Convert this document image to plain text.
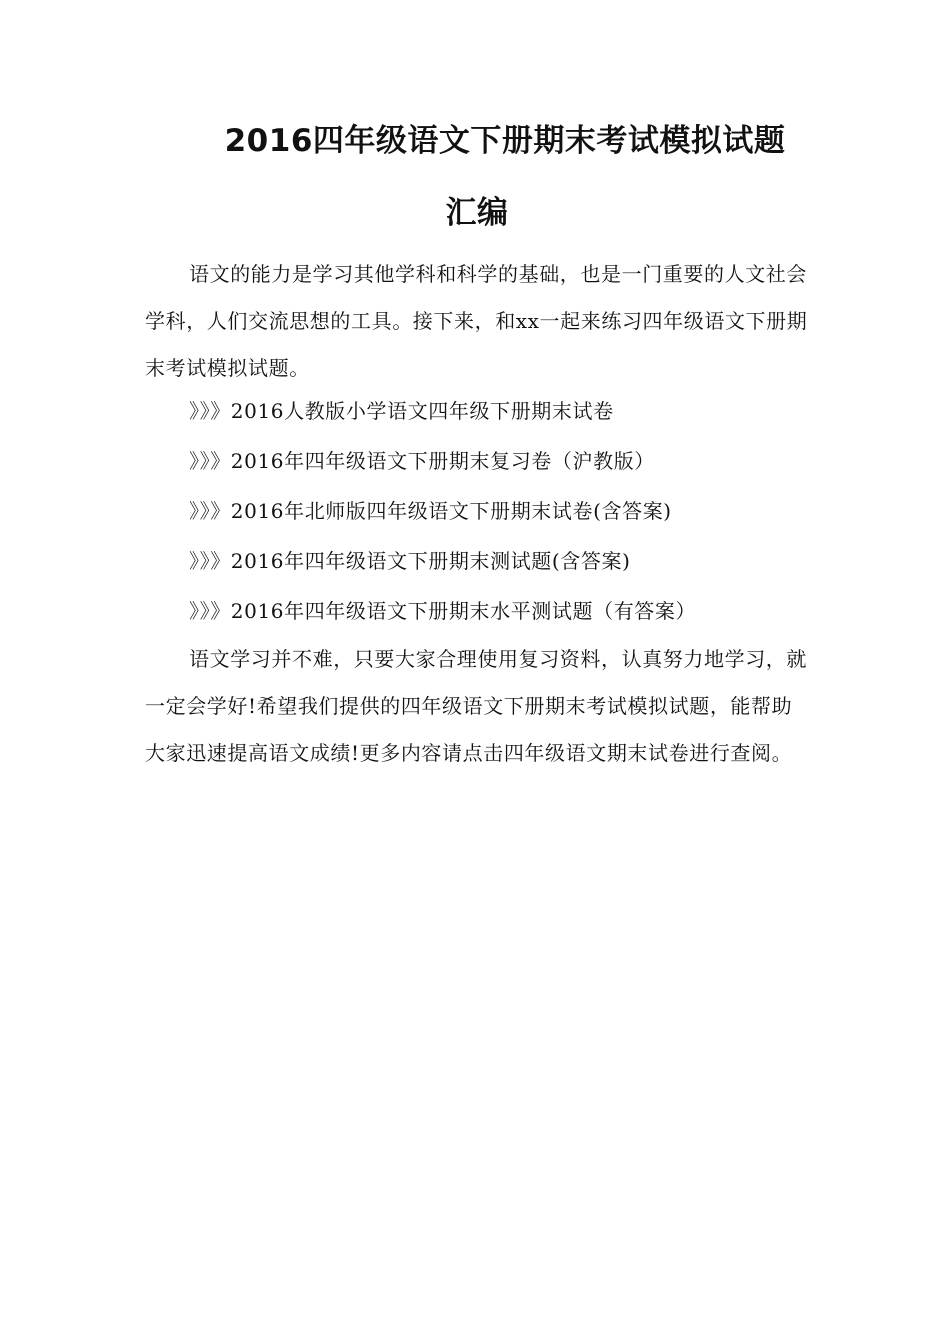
2016四年级语文下册期末考试模拟试题
汇编

语文的能力是学习其他学科和科学的基础，也是一门重要的人文社会学科，人们交流思想的工具。接下来，和xx一起来练习四年级语文下册期末考试模拟试题。

》》》2016人教版小学语文四年级下册期末试卷

》》》2016年四年级语文下册期末复习卷（沪教版）

》》》2016年北师版四年级语文下册期末试卷(含答案)

》》》2016年四年级语文下册期末测试题(含答案)

》》》2016年四年级语文下册期末水平测试题（有答案）

语文学习并不难，只要大家合理使用复习资料，认真努力地学习，就一定会学好!希望我们提供的四年级语文下册期末考试模拟试题，能帮助大家迅速提高语文成绩!更多内容请点击四年级语文期末试卷进行查阅。
